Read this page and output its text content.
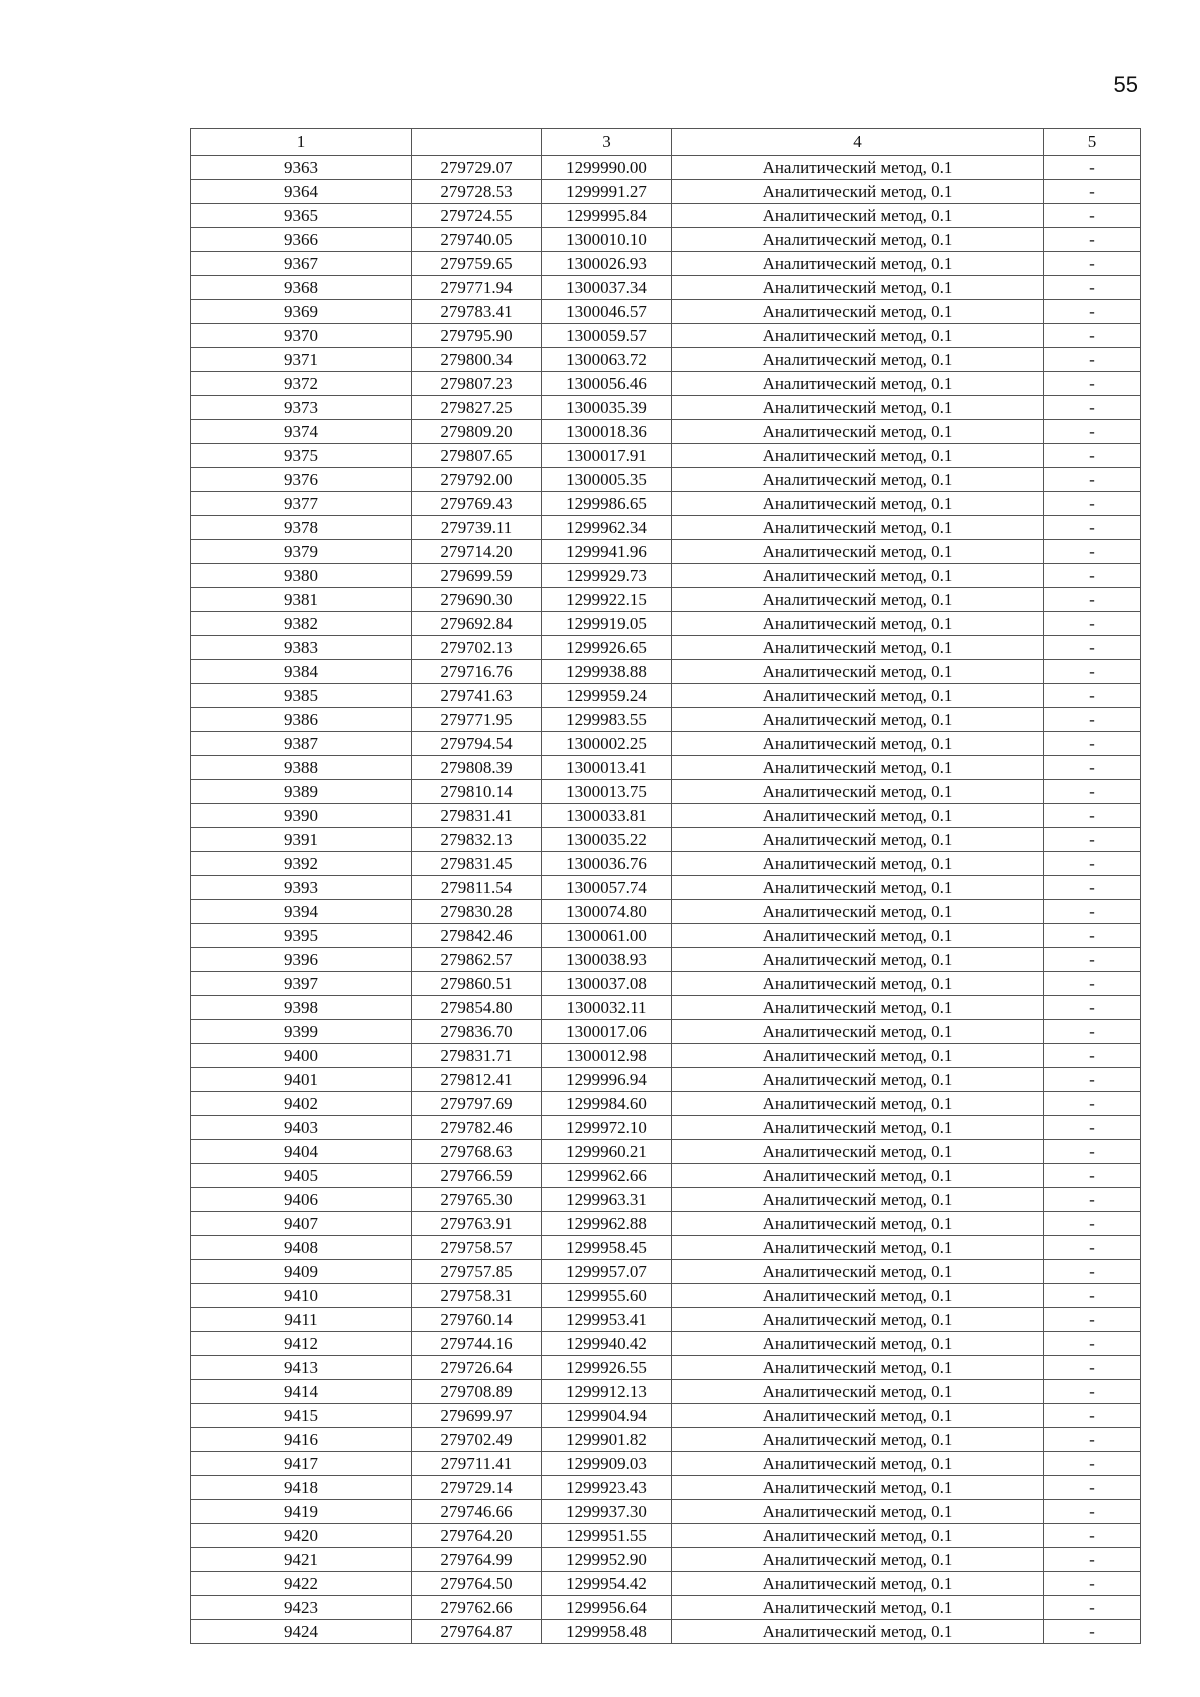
55
1		3	4	5
9363	279729.07	1299990.00	Аналитический метод, 0.1	-
9364	279728.53	1299991.27	Аналитический метод, 0.1	-
9365	279724.55	1299995.84	Аналитический метод, 0.1	-
9366	279740.05	1300010.10	Аналитический метод, 0.1	-
9367	279759.65	1300026.93	Аналитический метод, 0.1	-
9368	279771.94	1300037.34	Аналитический метод, 0.1	-
9369	279783.41	1300046.57	Аналитический метод, 0.1	-
9370	279795.90	1300059.57	Аналитический метод, 0.1	-
9371	279800.34	1300063.72	Аналитический метод, 0.1	-
9372	279807.23	1300056.46	Аналитический метод, 0.1	-
9373	279827.25	1300035.39	Аналитический метод, 0.1	-
9374	279809.20	1300018.36	Аналитический метод, 0.1	-
9375	279807.65	1300017.91	Аналитический метод, 0.1	-
9376	279792.00	1300005.35	Аналитический метод, 0.1	-
9377	279769.43	1299986.65	Аналитический метод, 0.1	-
9378	279739.11	1299962.34	Аналитический метод, 0.1	-
9379	279714.20	1299941.96	Аналитический метод, 0.1	-
9380	279699.59	1299929.73	Аналитический метод, 0.1	-
9381	279690.30	1299922.15	Аналитический метод, 0.1	-
9382	279692.84	1299919.05	Аналитический метод, 0.1	-
9383	279702.13	1299926.65	Аналитический метод, 0.1	-
9384	279716.76	1299938.88	Аналитический метод, 0.1	-
9385	279741.63	1299959.24	Аналитический метод, 0.1	-
9386	279771.95	1299983.55	Аналитический метод, 0.1	-
9387	279794.54	1300002.25	Аналитический метод, 0.1	-
9388	279808.39	1300013.41	Аналитический метод, 0.1	-
9389	279810.14	1300013.75	Аналитический метод, 0.1	-
9390	279831.41	1300033.81	Аналитический метод, 0.1	-
9391	279832.13	1300035.22	Аналитический метод, 0.1	-
9392	279831.45	1300036.76	Аналитический метод, 0.1	-
9393	279811.54	1300057.74	Аналитический метод, 0.1	-
9394	279830.28	1300074.80	Аналитический метод, 0.1	-
9395	279842.46	1300061.00	Аналитический метод, 0.1	-
9396	279862.57	1300038.93	Аналитический метод, 0.1	-
9397	279860.51	1300037.08	Аналитический метод, 0.1	-
9398	279854.80	1300032.11	Аналитический метод, 0.1	-
9399	279836.70	1300017.06	Аналитический метод, 0.1	-
9400	279831.71	1300012.98	Аналитический метод, 0.1	-
9401	279812.41	1299996.94	Аналитический метод, 0.1	-
9402	279797.69	1299984.60	Аналитический метод, 0.1	-
9403	279782.46	1299972.10	Аналитический метод, 0.1	-
9404	279768.63	1299960.21	Аналитический метод, 0.1	-
9405	279766.59	1299962.66	Аналитический метод, 0.1	-
9406	279765.30	1299963.31	Аналитический метод, 0.1	-
9407	279763.91	1299962.88	Аналитический метод, 0.1	-
9408	279758.57	1299958.45	Аналитический метод, 0.1	-
9409	279757.85	1299957.07	Аналитический метод, 0.1	-
9410	279758.31	1299955.60	Аналитический метод, 0.1	-
9411	279760.14	1299953.41	Аналитический метод, 0.1	-
9412	279744.16	1299940.42	Аналитический метод, 0.1	-
9413	279726.64	1299926.55	Аналитический метод, 0.1	-
9414	279708.89	1299912.13	Аналитический метод, 0.1	-
9415	279699.97	1299904.94	Аналитический метод, 0.1	-
9416	279702.49	1299901.82	Аналитический метод, 0.1	-
9417	279711.41	1299909.03	Аналитический метод, 0.1	-
9418	279729.14	1299923.43	Аналитический метод, 0.1	-
9419	279746.66	1299937.30	Аналитический метод, 0.1	-
9420	279764.20	1299951.55	Аналитический метод, 0.1	-
9421	279764.99	1299952.90	Аналитический метод, 0.1	-
9422	279764.50	1299954.42	Аналитический метод, 0.1	-
9423	279762.66	1299956.64	Аналитический метод, 0.1	-
9424	279764.87	1299958.48	Аналитический метод, 0.1	-
